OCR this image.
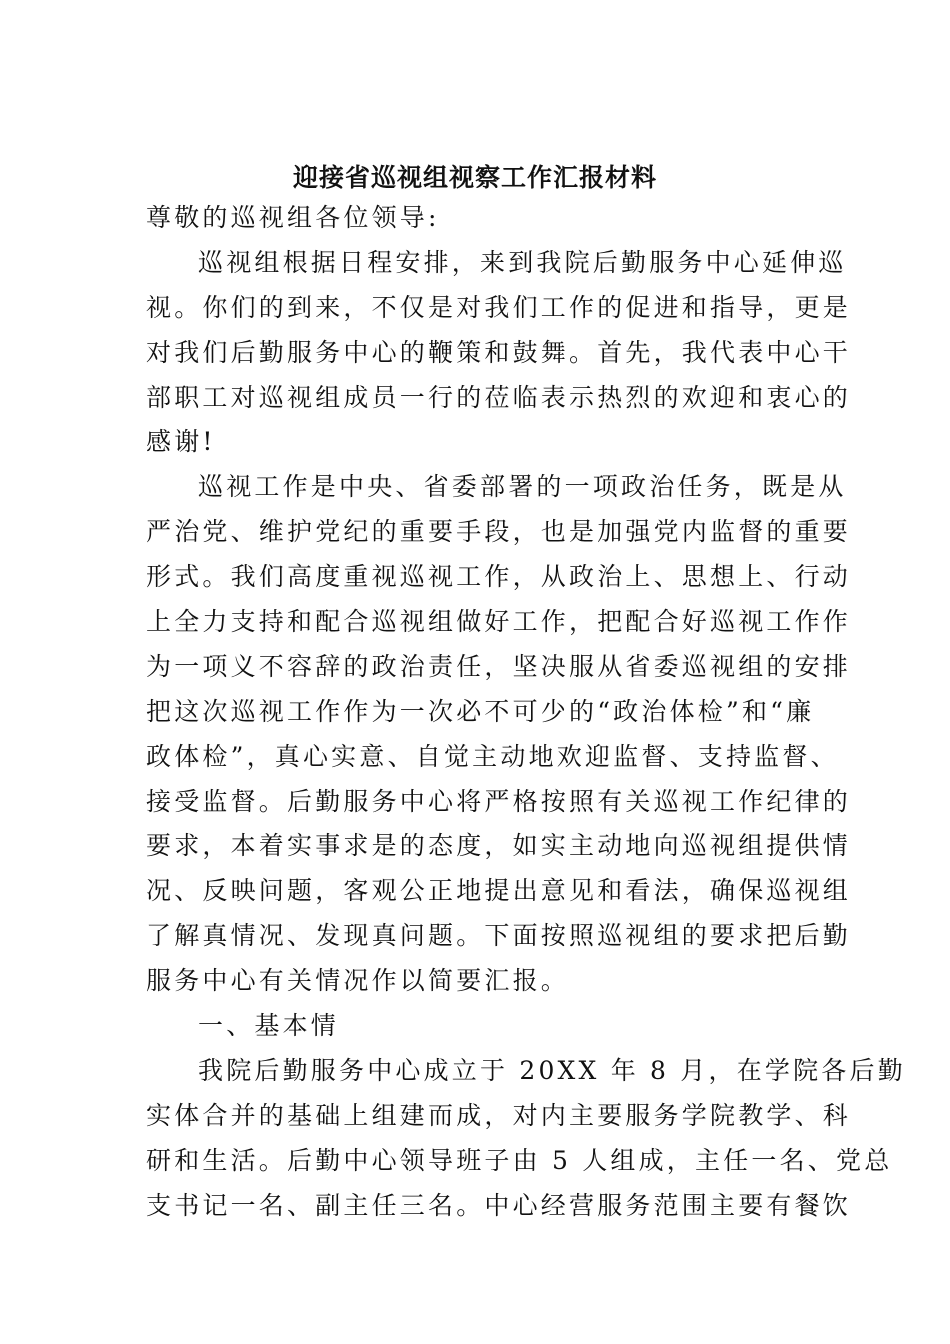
迎接省巡视组视察工作汇报材料
尊敬的巡视组各位领导:
巡视组根据日程安排，来到我院后勤服务中心延伸巡
视。你们的到来，不仅是对我们工作的促进和指导，更是
对我们后勤服务中心的鞭策和鼓舞。首先，我代表中心干
部职工对巡视组成员一行的莅临表示热烈的欢迎和衷心的
感谢!
巡视工作是中央、省委部署的一项政治任务，既是从
严治党、维护党纪的重要手段，也是加强党内监督的重要
形式。我们高度重视巡视工作，从政治上、思想上、行动
上全力支持和配合巡视组做好工作，把配合好巡视工作作
为一项义不容辞的政治责任，坚决服从省委巡视组的安排
把这次巡视工作作为一次必不可少的“政治体检”和“廉
政体检”，真心实意、自觉主动地欢迎监督、支持监督、
接受监督。后勤服务中心将严格按照有关巡视工作纪律的
要求，本着实事求是的态度，如实主动地向巡视组提供情
况、反映问题，客观公正地提出意见和看法，确保巡视组
了解真情况、发现真问题。下面按照巡视组的要求把后勤
服务中心有关情况作以简要汇报。
一、基本情
我院后勤服务中心成立于 20XX 年 8 月，在学院各后勤
实体合并的基础上组建而成，对内主要服务学院教学、科
研和生活。后勤中心领导班子由 5 人组成，主任一名、党总
支书记一名、副主任三名。中心经营服务范围主要有餐饮
